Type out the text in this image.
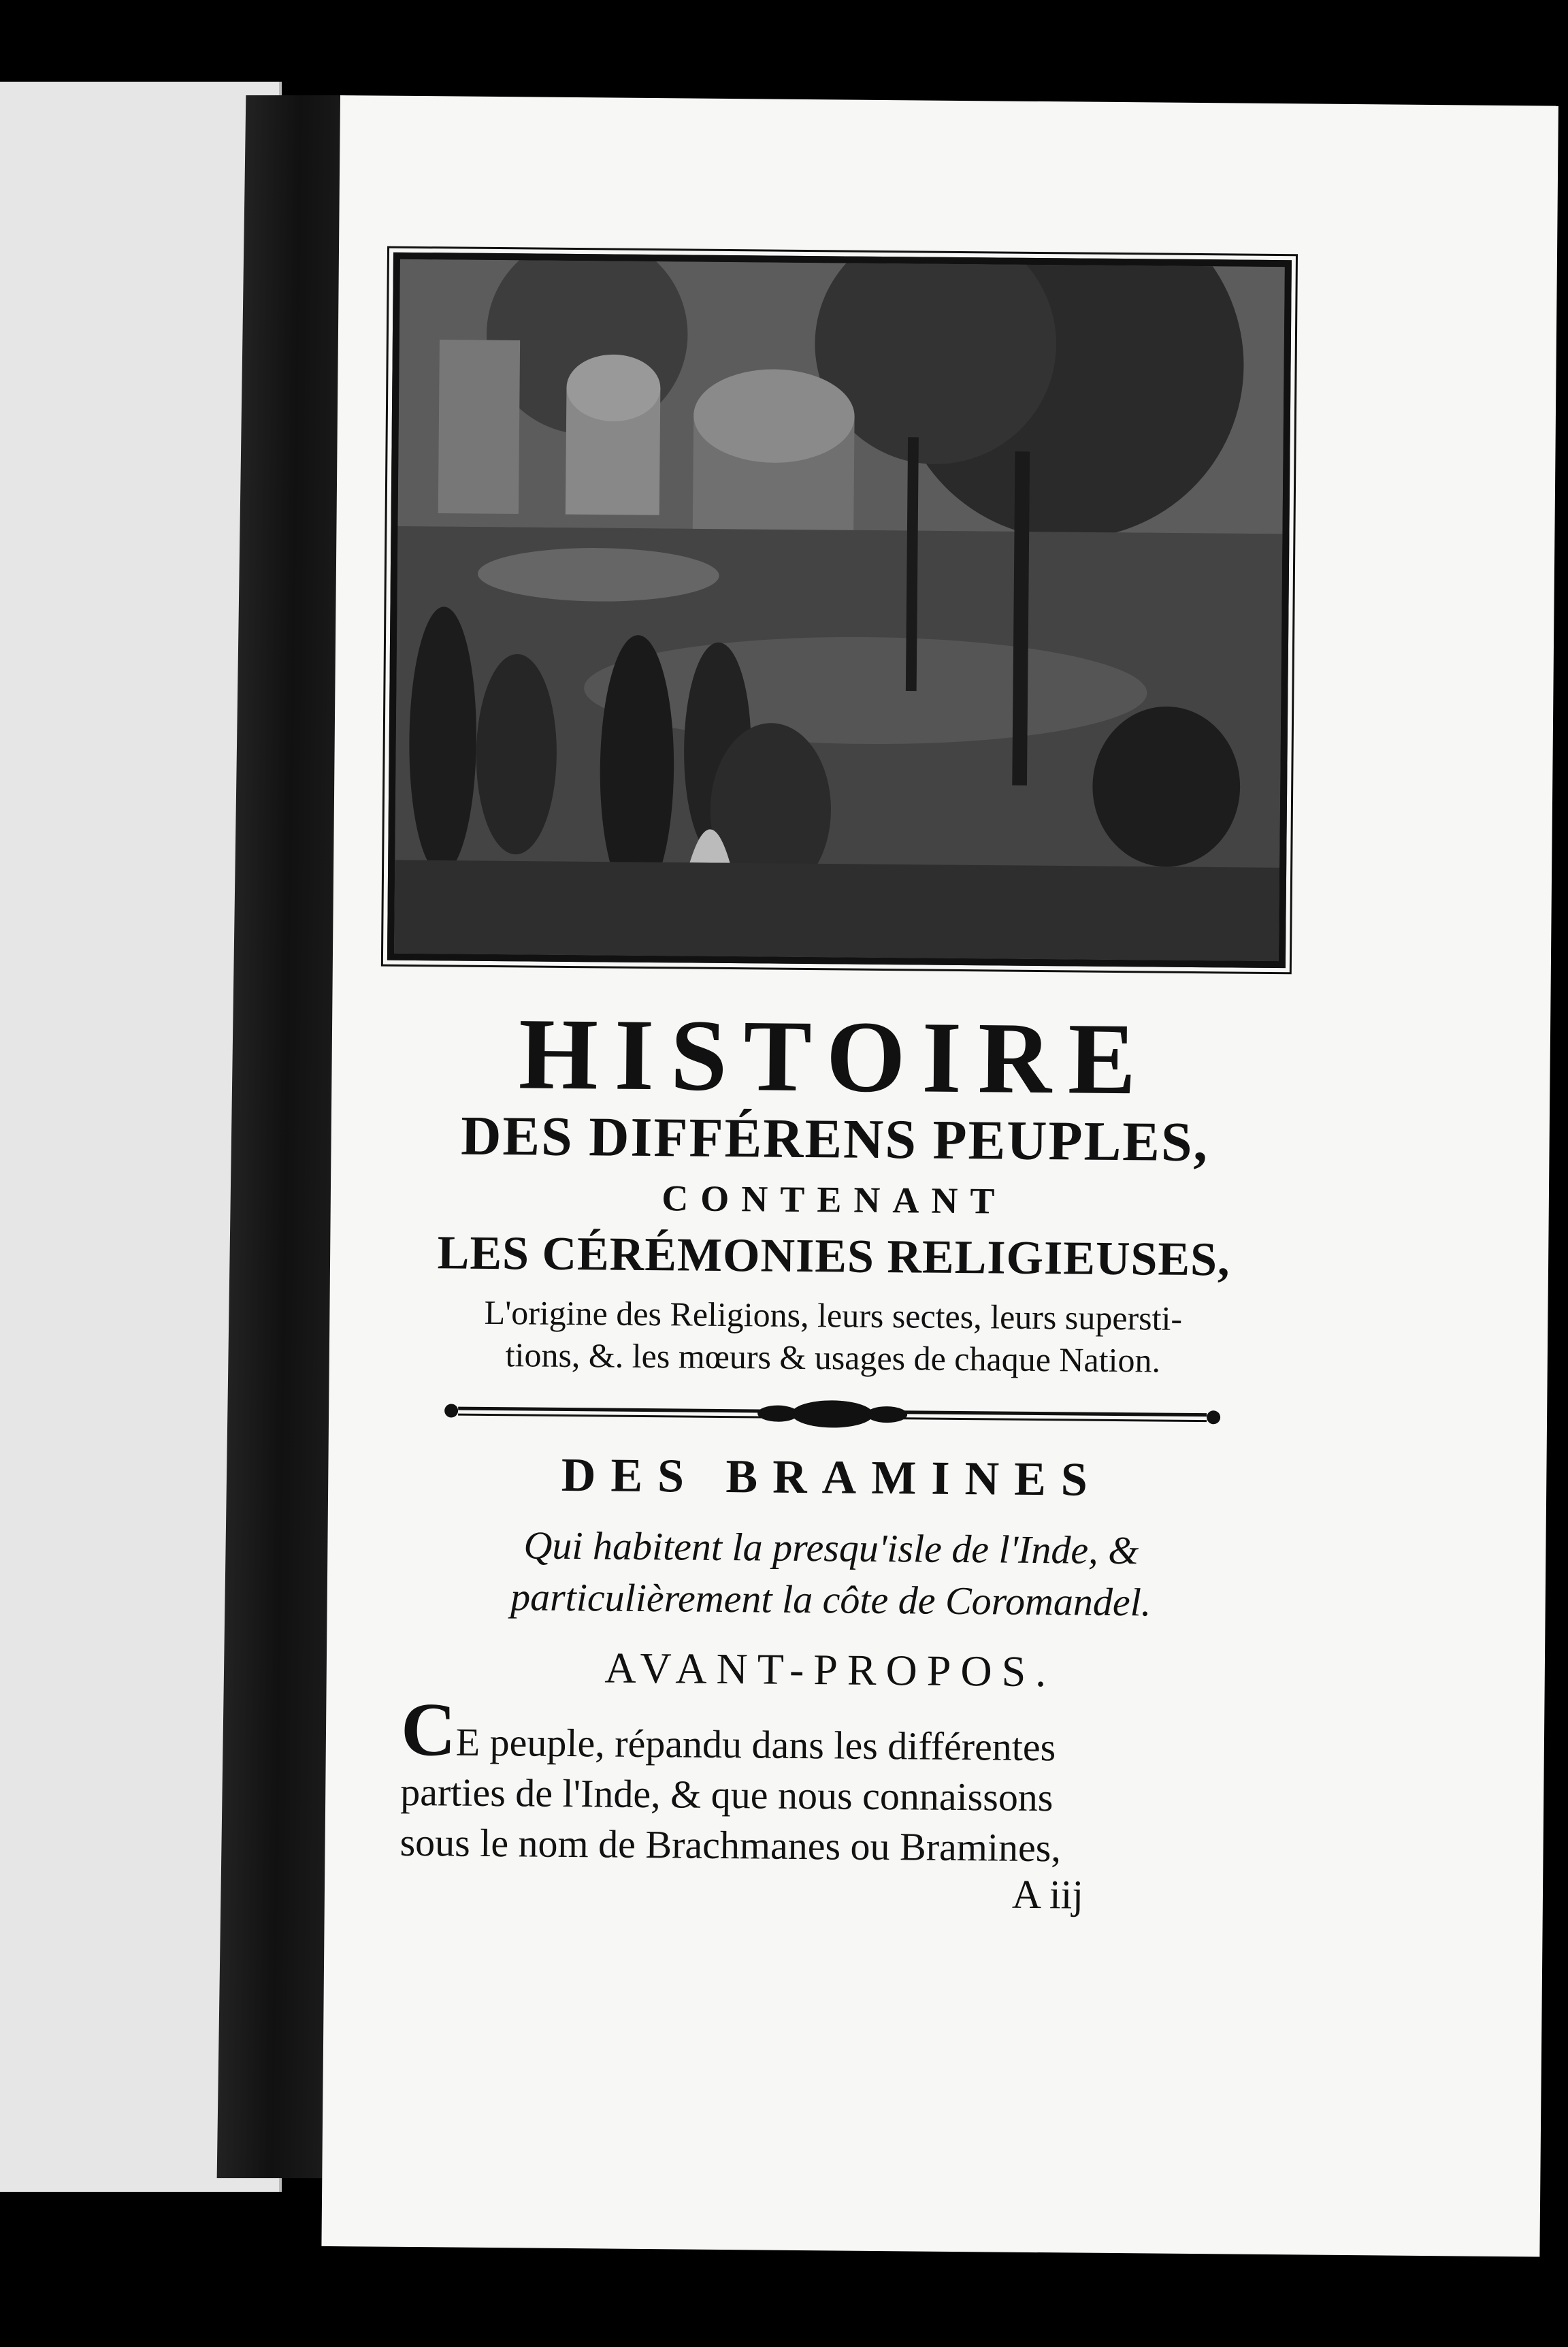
HISTOIRE
DES DIFFÉRENS PEUPLES,
CONTENANT
LES CÉRÉMONIES RELIGIEUSES,
L'origine des Religions, leurs sectes, leurs supersti-
tions, &. les mœurs & usages de chaque Nation.
DES BRAMINES
Qui habitent la presqu'isle de l'Inde, &
particulièrement la côte de Coromandel.
AVANT-PROPOS.
CE peuple, répandu dans les différentes
parties de l'Inde, & que nous connaissons
sous le nom de Brachmanes ou Bramines,
A iij
